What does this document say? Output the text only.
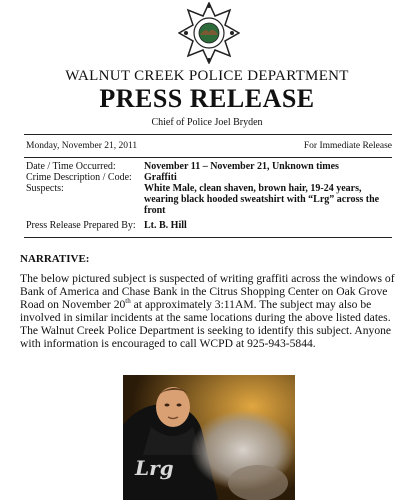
WALNUT CREEK POLICE DEPARTMENT
PRESS RELEASE
Chief of Police Joel Bryden
Monday, November 21, 2011	For Immediate Release
Date / Time Occurred:	November 11 – November 21, Unknown times
Crime Description / Code:	Graffiti
Suspects:	White Male, clean shaven, brown hair, 19-24 years, wearing black hooded sweatshirt with “Lrg” across the front
Press Release Prepared By: Lt. B. Hill
NARRATIVE:
The below pictured subject is suspected of writing graffiti across the windows of Bank of America and Chase Bank in the Citrus Shopping Center on Oak Grove Road on November 20th at approximately 3:11AM. The subject may also be involved in similar incidents at the same locations during the above listed dates. The Walnut Creek Police Department is seeking to identify this subject. Anyone with information is encouraged to call WCPD at 925-943-5844.
Lrg
